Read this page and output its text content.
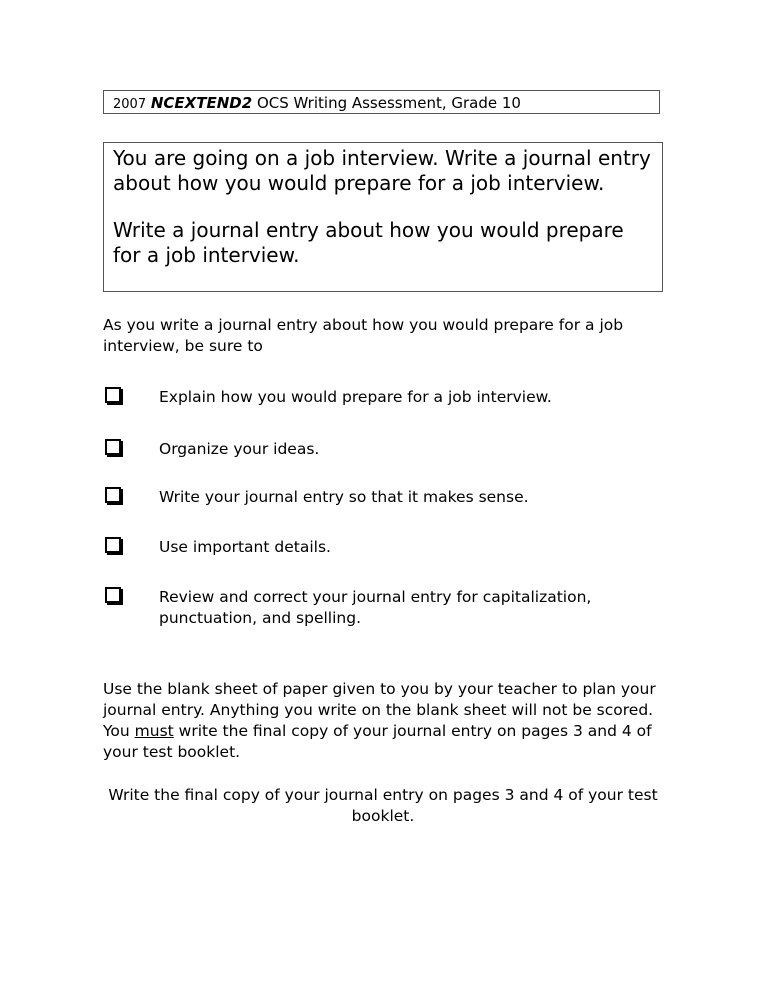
2007 NCEXTEND2 OCS Writing Assessment, Grade 10

You are going on a job interview. Write a journal entry about how you would prepare for a job interview.

Write a journal entry about how you would prepare for a job interview.

As you write a journal entry about how you would prepare for a job interview, be sure to

Explain how you would prepare for a job interview.
Organize your ideas.
Write your journal entry so that it makes sense.
Use important details.
Review and correct your journal entry for capitalization, punctuation, and spelling.

Use the blank sheet of paper given to you by your teacher to plan your journal entry. Anything you write on the blank sheet will not be scored. You must write the final copy of your journal entry on pages 3 and 4 of your test booklet.

Write the final copy of your journal entry on pages 3 and 4 of your test booklet.
